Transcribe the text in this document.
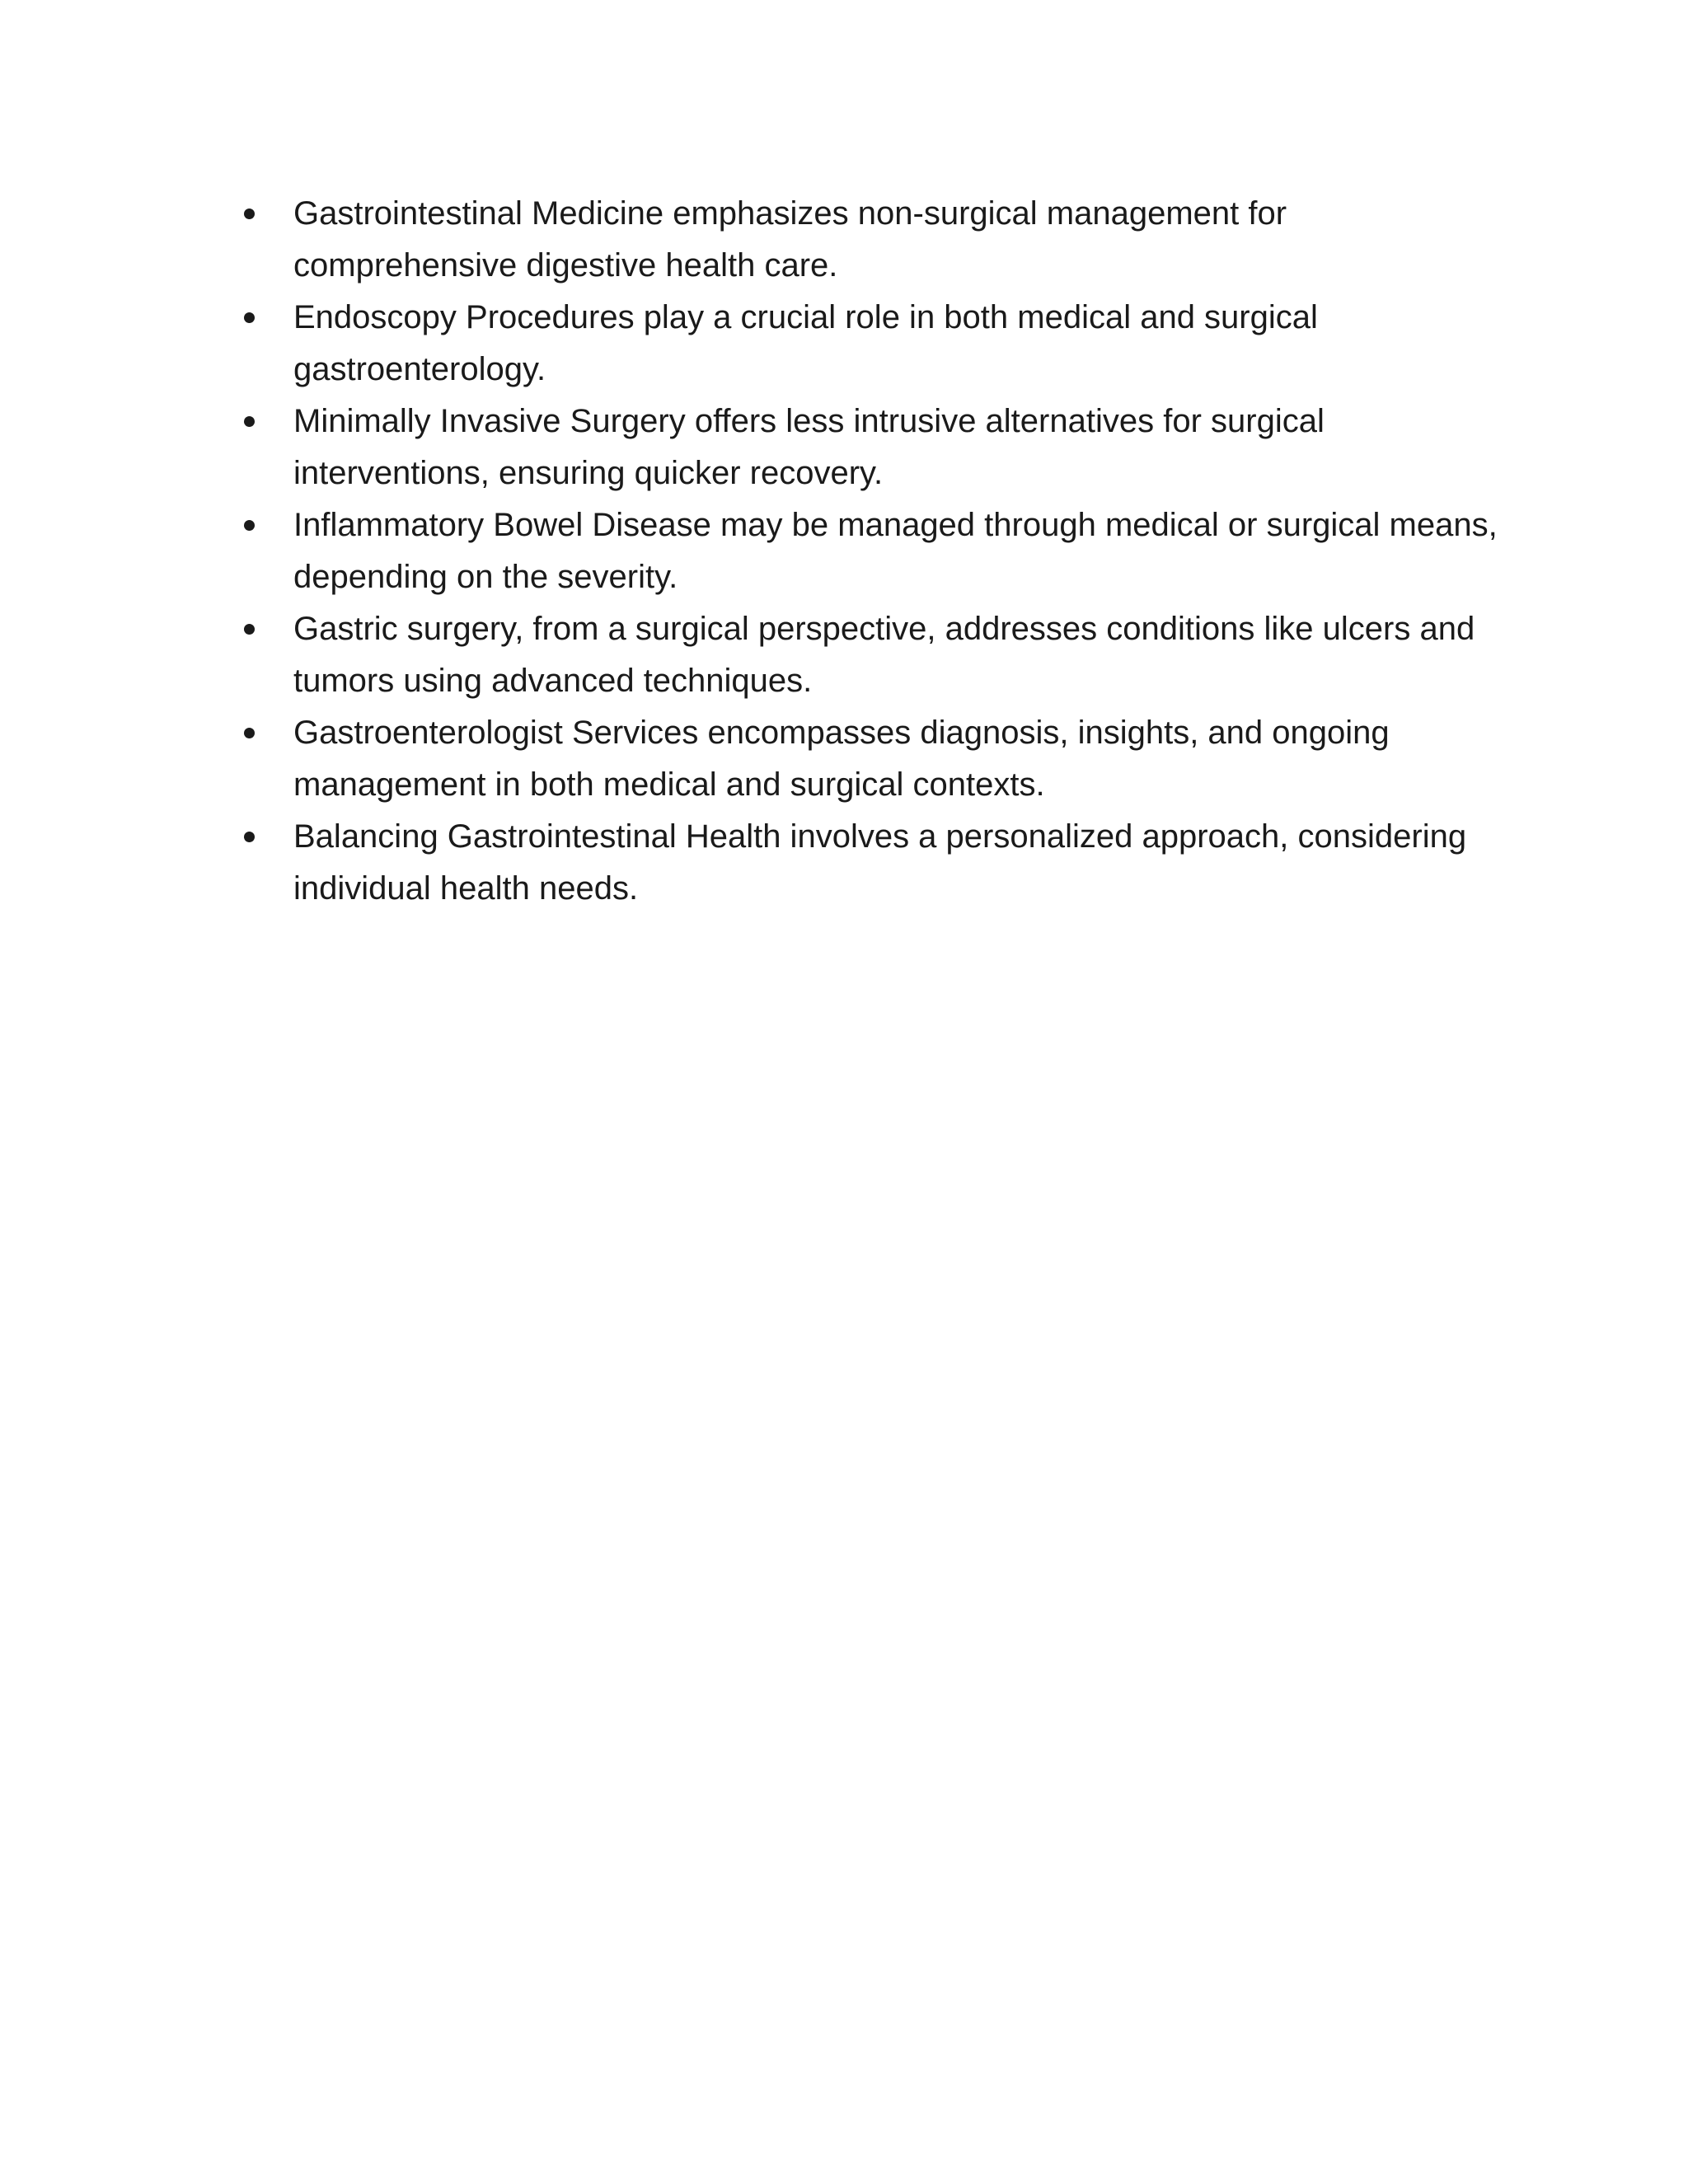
Gastrointestinal Medicine emphasizes non-surgical management for comprehensive digestive health care.
Endoscopy Procedures play a crucial role in both medical and surgical gastroenterology.
Minimally Invasive Surgery offers less intrusive alternatives for surgical interventions, ensuring quicker recovery.
Inflammatory Bowel Disease may be managed through medical or surgical means, depending on the severity.
Gastric surgery, from a surgical perspective, addresses conditions like ulcers and tumors using advanced techniques.
Gastroenterologist Services encompasses diagnosis, insights, and ongoing management in both medical and surgical contexts.
Balancing Gastrointestinal Health involves a personalized approach, considering individual health needs.
